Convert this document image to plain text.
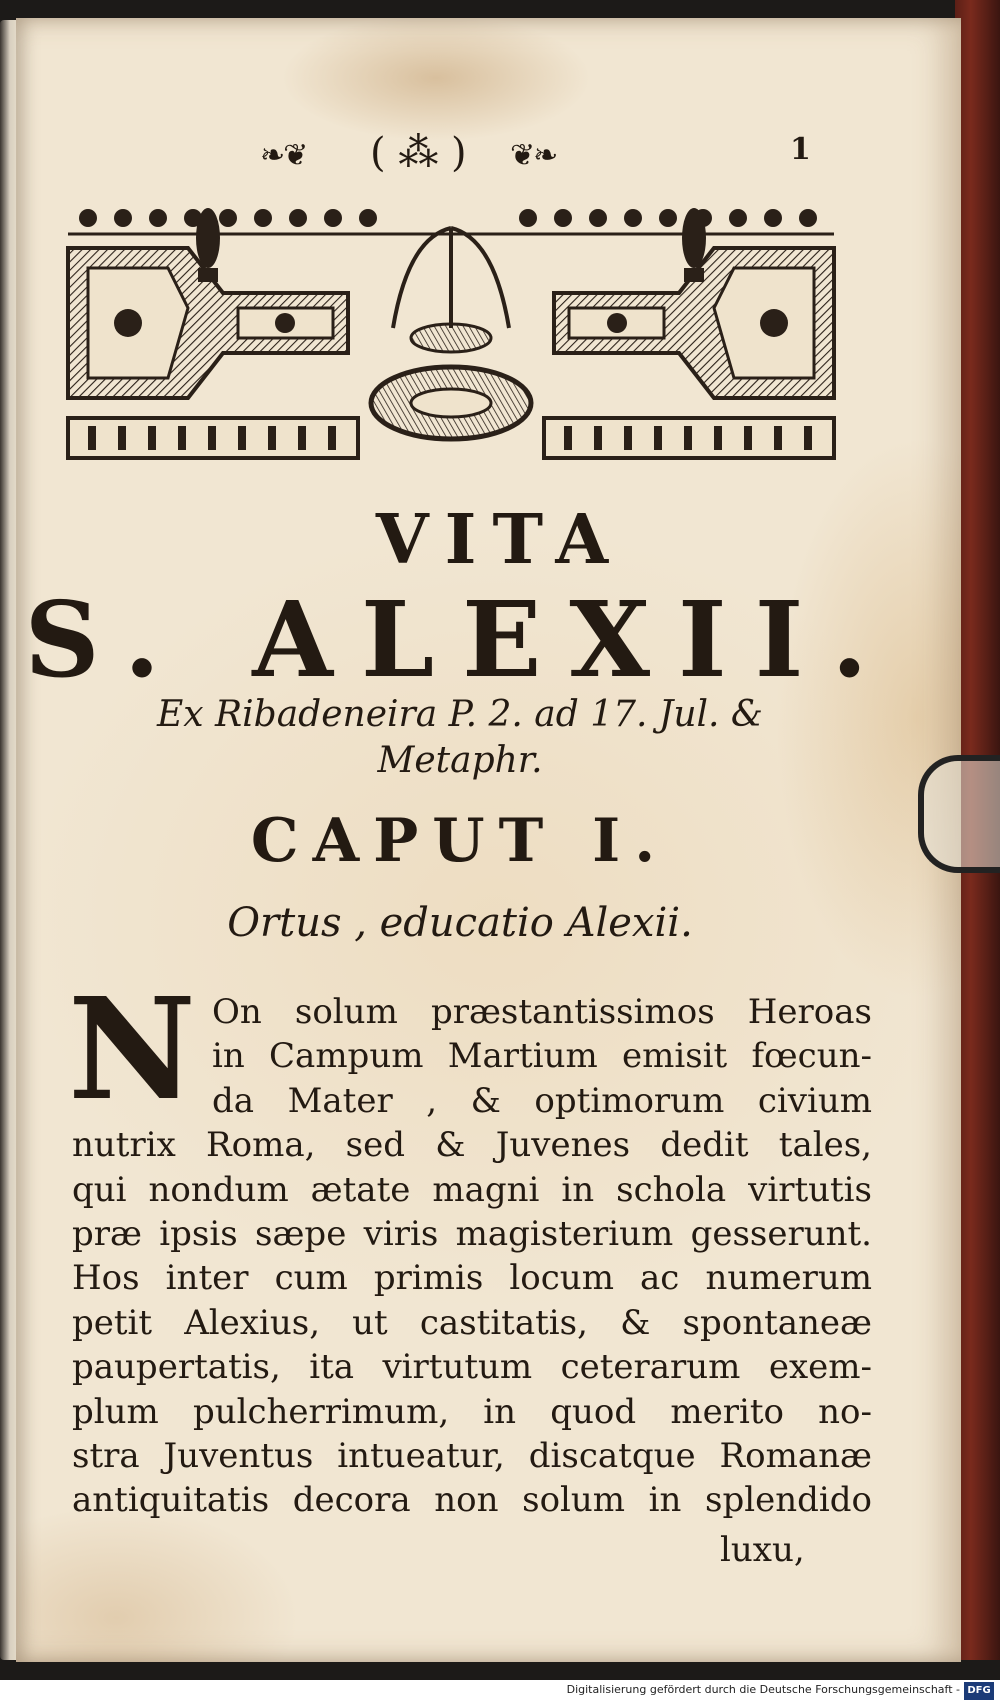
❧❦ ( ⁂ ) ❦❧	1
VITA
S. ALEXII.
Ex Ribadeneira P. 2. ad 17. Jul. &
Metaphr.
CAPUT I.
Ortus , educatio Alexii.
N On solum præstantissimos Heroas
in Campum Martium emisit fœcun-
da Mater , & optimorum civium
nutrix Roma, sed & Juvenes dedit tales,
qui nondum ætate magni in schola virtutis
præ ipsis sæpe viris magisterium gesserunt.
Hos inter cum primis locum ac numerum
petit Alexius, ut castitatis, & spontaneæ
paupertatis, ita virtutum ceterarum exem-
plum pulcherrimum, in quod merito no-
stra Juventus intueatur, discatque Romanæ
antiquitatis decora non solum in splendido
luxu,
Digitalisierung gefördert durch die Deutsche Forschungsgemeinschaft - DFG
